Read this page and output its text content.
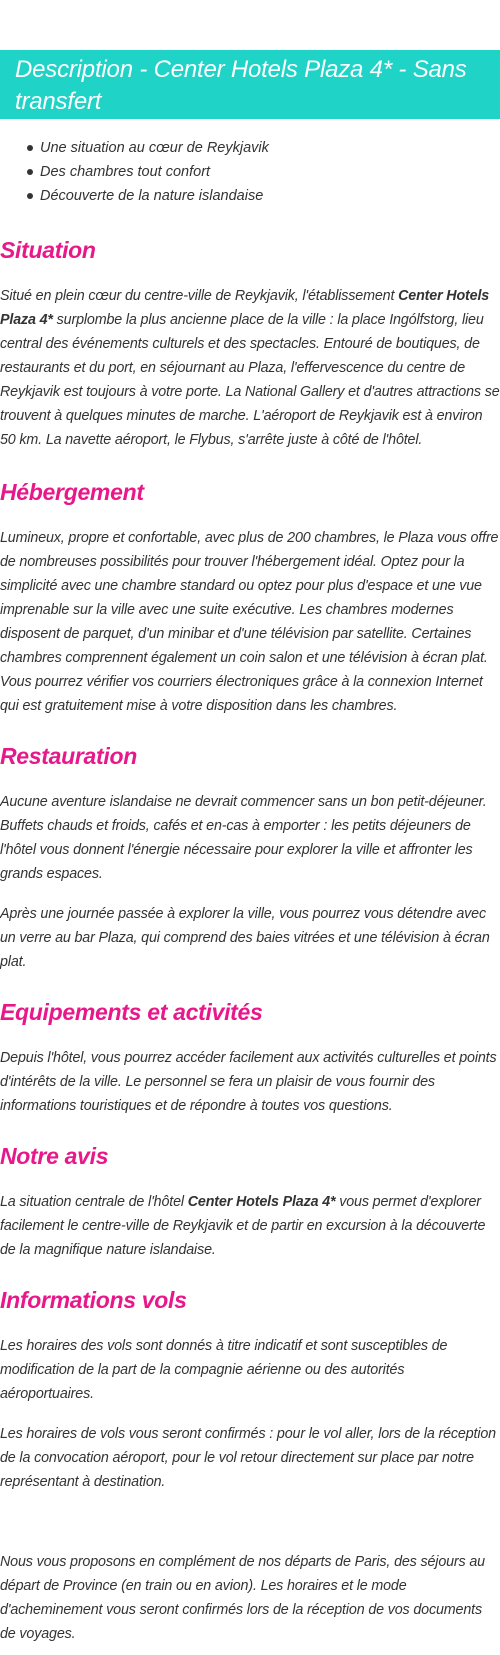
Description - Center Hotels Plaza 4* - Sans transfert
Une situation au cœur de Reykjavik
Des chambres tout confort
Découverte de la nature islandaise
Situation

Situé en plein cœur du centre-ville de Reykjavik, l'établissement Center Hotels Plaza 4* surplombe la plus ancienne place de la ville : la place Ingólfstorg, lieu central des événements culturels et des spectacles. Entouré de boutiques, de restaurants et du port, en séjournant au Plaza, l'effervescence du centre de Reykjavik est toujours à votre porte. La National Gallery et d'autres attractions se trouvent à quelques minutes de marche. L'aéroport de Reykjavik est à environ 50 km. La navette aéroport, le Flybus, s'arrête juste à côté de l'hôtel.

Hébergement

Lumineux, propre et confortable, avec plus de 200 chambres, le Plaza vous offre de nombreuses possibilités pour trouver l'hébergement idéal. Optez pour la simplicité avec une chambre standard ou optez pour plus d'espace et une vue imprenable sur la ville avec une suite exécutive. Les chambres modernes disposent de parquet, d'un minibar et d'une télévision par satellite. Certaines chambres comprennent également un coin salon et une télévision à écran plat. Vous pourrez vérifier vos courriers électroniques grâce à la connexion Internet qui est gratuitement mise à votre disposition dans les chambres.

Restauration

Aucune aventure islandaise ne devrait commencer sans un bon petit-déjeuner. Buffets chauds et froids, cafés et en-cas à emporter : les petits déjeuners de l'hôtel vous donnent l'énergie nécessaire pour explorer la ville et affronter les grands espaces.

Après une journée passée à explorer la ville, vous pourrez vous détendre avec un verre au bar Plaza, qui comprend des baies vitrées et une télévision à écran plat.

Equipements et activités

Depuis l'hôtel, vous pourrez accéder facilement aux activités culturelles et points d'intérêts de la ville. Le personnel se fera un plaisir de vous fournir des informations touristiques et de répondre à toutes vos questions.

Notre avis

La situation centrale de l'hôtel Center Hotels Plaza 4* vous permet d'explorer facilement le centre-ville de Reykjavik et de partir en excursion à la découverte de la magnifique nature islandaise.

Informations vols

Les horaires des vols sont donnés à titre indicatif et sont susceptibles de modification de la part de la compagnie aérienne ou des autorités aéroportuaires.

Les horaires de vols vous seront confirmés : pour le vol aller, lors de la réception de la convocation aéroport, pour le vol retour directement sur place par notre représentant à destination.

Nous vous proposons en complément de nos départs de Paris, des séjours au départ de Province (en train ou en avion). Les horaires et le mode d'acheminement vous seront confirmés lors de la réception de vos documents de voyages.
